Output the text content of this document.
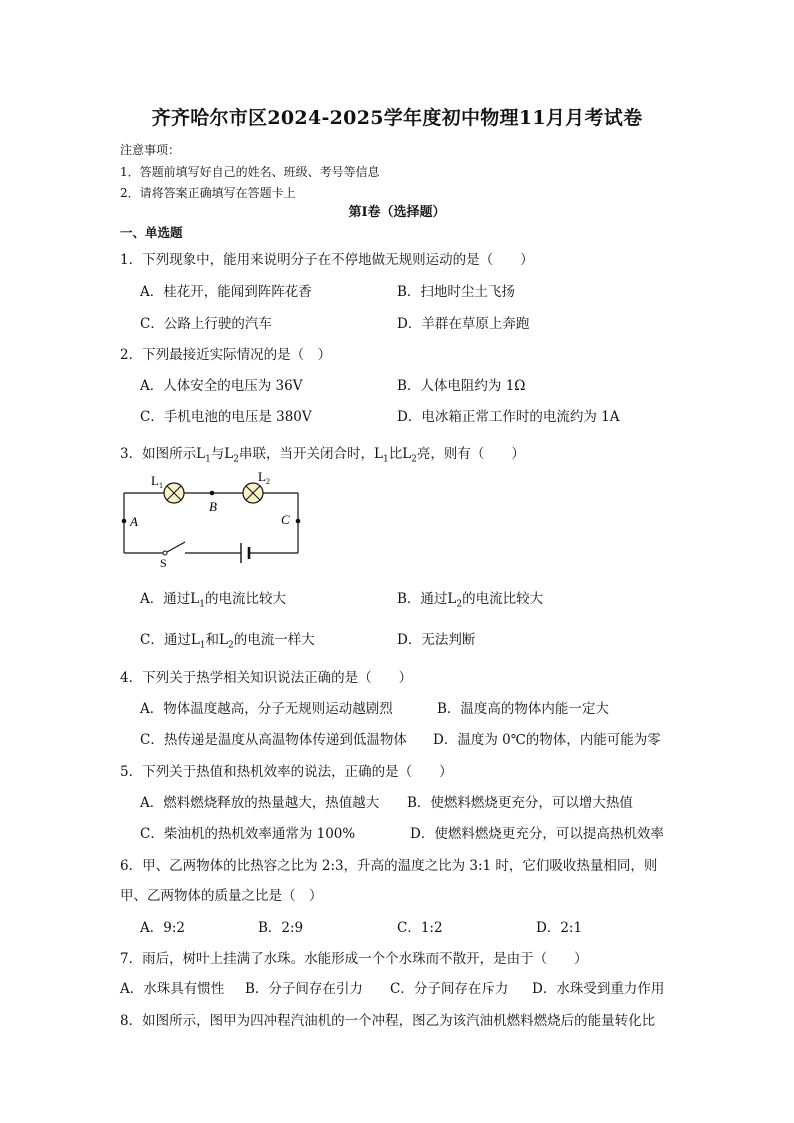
齐齐哈尔市区2024-2025学年度初中物理11月月考试卷
注意事项：
1．答题前填写好自己的姓名、班级、考号等信息
2．请将答案正确填写在答题卡上
第I卷（选择题）
一、单选题
1．下列现象中，能用来说明分子在不停地做无规则运动的是（　　）
A．桂花开，能闻到阵阵花香	B．扫地时尘土飞扬
C．公路上行驶的汽车	D．羊群在草原上奔跑
2．下列最接近实际情况的是（　）
A．人体安全的电压为 36V	B．人体电阻约为 1Ω
C．手机电池的电压是 380V	D．电冰箱正常工作时的电流约为 1A
3．如图所示$L_1$与$L_2$串联，当开关闭合时，$L_1$比$L_2$亮，则有（　　）
L 1
L 2
B
A	C
S
A．通过$L_1$的电流比较大	B．通过$L_2$的电流比较大
C．通过$L_1$和$L_2$的电流一样大	D．无法判断
4．下列关于热学相关知识说法正确的是（　　）
A．物体温度越高，分子无规则运动越剧烈	B．温度高的物体内能一定大
C．热传递是温度从高温物体传递到低温物体 D．温度为 0℃的物体，内能可能为零
5．下列关于热值和热机效率的说法，正确的是（　　）
A．燃料燃烧释放的热量越大，热值越大 B．使燃料燃烧更充分，可以增大热值
C．柴油机的热机效率通常为 100%	D．使燃料燃烧更充分，可以提高热机效率
6．甲、乙两物体的比热容之比为 2:3，升高的温度之比为 3:1 时，它们吸收热量相同，则
甲、乙两物体的质量之比是（　）
A．9:2	B．2:9	C．1:2	D．2:1
7．雨后，树叶上挂满了水珠。水能形成一个个水珠而不散开，是由于（　　）
A．水珠具有惯性 B．分子间存在引力 C．分子间存在斥力 D．水珠受到重力作用
8．如图所示，图甲为四冲程汽油机的一个冲程，图乙为该汽油机燃料燃烧后的能量转化比
